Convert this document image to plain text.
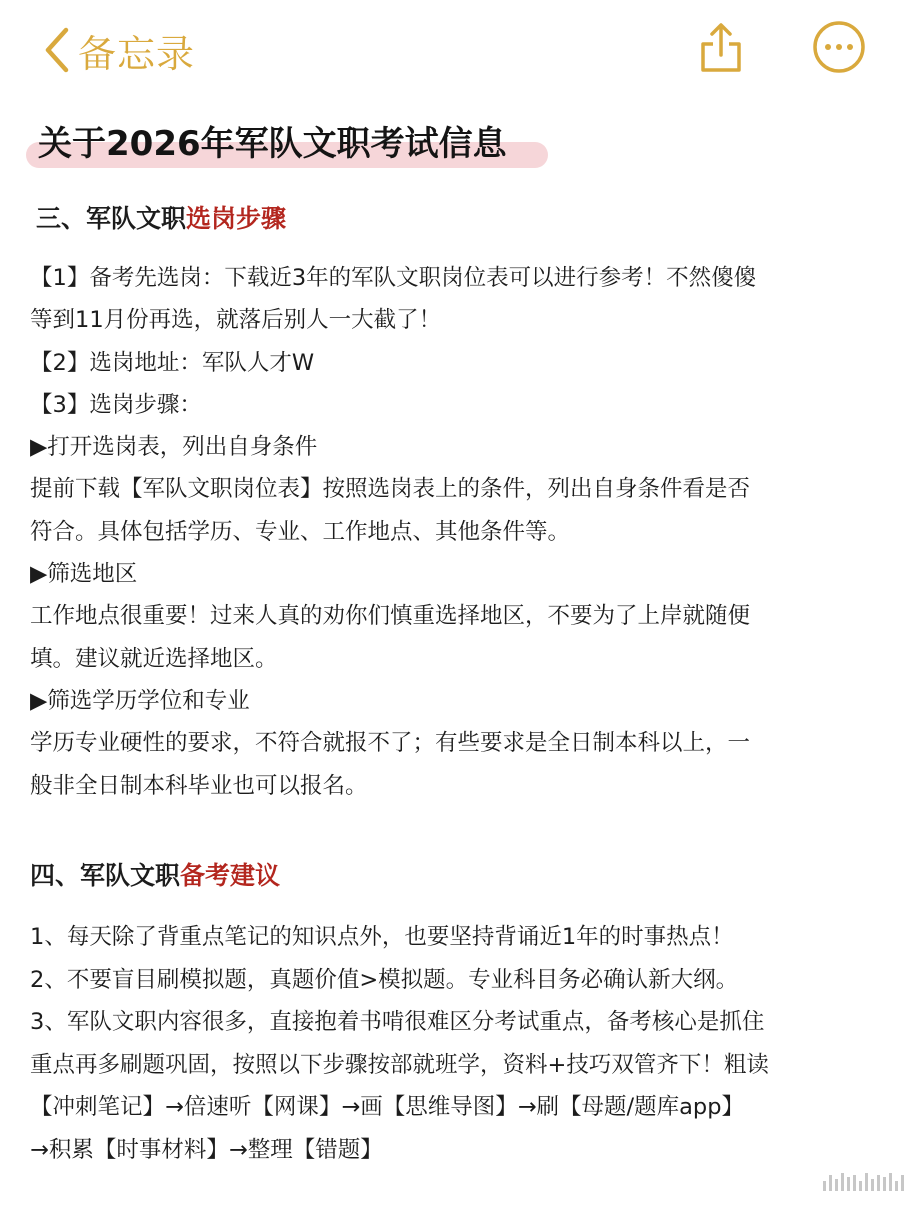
备忘录
关于2026年军队文职考试信息
三、军队文职选岗步骤
【1】备考先选岗：下载近3年的军队文职岗位表可以进行参考！不然傻傻
等到11月份再选，就落后别人一大截了！
【2】选岗地址：军队人才W
【3】选岗步骤：
▶打开选岗表，列出自身条件
提前下载【军队文职岗位表】按照选岗表上的条件，列出自身条件看是否
符合。具体包括学历、专业、工作地点、其他条件等。
▶筛选地区
工作地点很重要！过来人真的劝你们慎重选择地区，不要为了上岸就随便
填。建议就近选择地区。
▶筛选学历学位和专业
学历专业硬性的要求，不符合就报不了；有些要求是全日制本科以上，一
般非全日制本科毕业也可以报名。
四、军队文职备考建议
1、每天除了背重点笔记的知识点外，也要坚持背诵近1年的时事热点！
2、不要盲目刷模拟题，真题价值>模拟题。专业科目务必确认新大纲。
3、军队文职内容很多，直接抱着书啃很难区分考试重点，备考核心是抓住
重点再多刷题巩固，按照以下步骤按部就班学，资料+技巧双管齐下！粗读
【冲刺笔记】→倍速听【网课】→画【思维导图】→刷【母题/题库app】
→积累【时事材料】→整理【错题】
